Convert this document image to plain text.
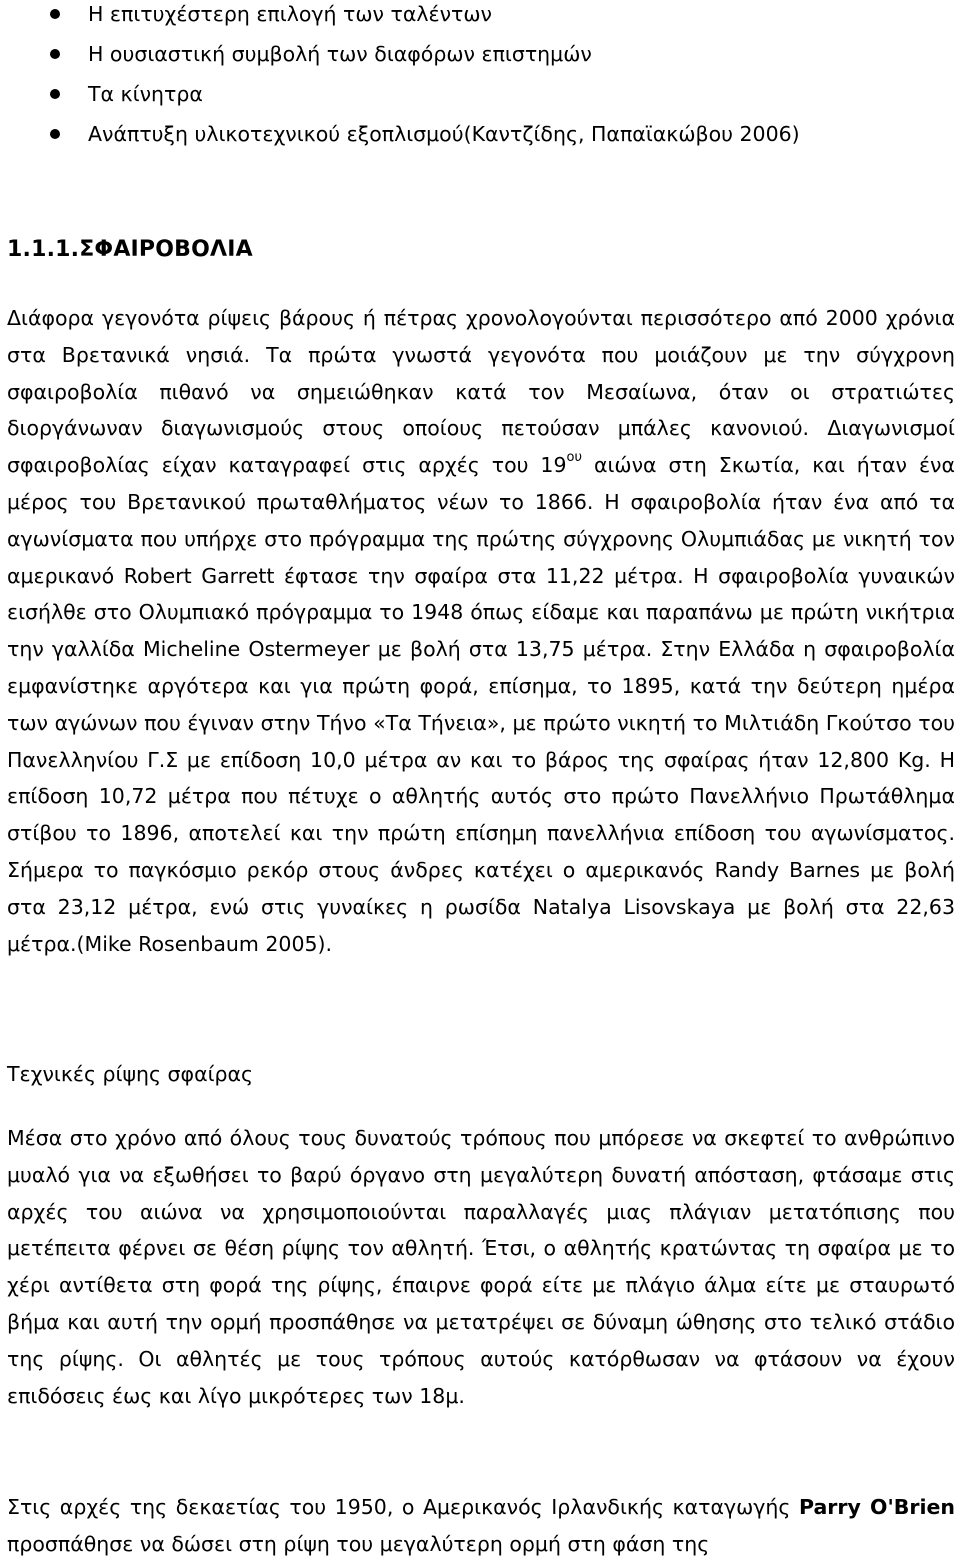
Η επιτυχέστερη επιλογή των ταλέντων
Η ουσιαστική συμβολή των διαφόρων επιστημών
Τα κίνητρα
Ανάπτυξη υλικοτεχνικού εξοπλισμού(Καντζίδης, Παπαϊακώβου 2006)
1.1.1.ΣΦΑΙΡΟΒΟΛΙΑ

Διάφορα γεγονότα ρίψεις βάρους ή πέτρας χρονολογούνται περισσότερο από 2000 χρόνια στα Βρετανικά νησιά. Τα πρώτα γνωστά γεγονότα που μοιάζουν με την σύγχρονη σφαιροβολία πιθανό να σημειώθηκαν κατά τον Μεσαίωνα, όταν οι στρατιώτες διοργάνωναν διαγωνισμούς στους οποίους πετούσαν μπάλες κανονιού. Διαγωνισμοί σφαιροβολίας είχαν καταγραφεί στις αρχές του $19^{o\upsilon}$ αιώνα στη Σκωτία, και ήταν ένα μέρος του Βρετανικού πρωταθλήματος νέων το 1866. Η σφαιροβολία ήταν ένα από τα αγωνίσματα που υπήρχε στο πρόγραμμα της πρώτης σύγχρονης Ολυμπιάδας με νικητή τον αμερικανό Robert Garrett έφτασε την σφαίρα στα 11,22 μέτρα. Η σφαιροβολία γυναικών εισήλθε στο Ολυμπιακό πρόγραμμα το 1948 όπως είδαμε και παραπάνω με πρώτη νικήτρια την γαλλίδα Micheline Ostermeyer με βολή στα 13,75 μέτρα. Στην Ελλάδα η σφαιροβολία εμφανίστηκε αργότερα και για πρώτη φορά, επίσημα, το 1895, κατά την δεύτερη ημέρα των αγώνων που έγιναν στην Τήνο «Τα Τήνεια», με πρώτο νικητή το Μιλτιάδη Γκούτσο του Πανελληνίου Γ.Σ με επίδοση 10,0 μέτρα αν και το βάρος της σφαίρας ήταν 12,800 Kg. Η επίδοση 10,72 μέτρα που πέτυχε ο αθλητής αυτός στο πρώτο Πανελλήνιο Πρωτάθλημα στίβου το 1896, αποτελεί και την πρώτη επίσημη πανελλήνια επίδοση του αγωνίσματος. Σήμερα το παγκόσμιο ρεκόρ στους άνδρες κατέχει ο αμερικανός Randy Barnes με βολή στα 23,12 μέτρα, ενώ στις γυναίκες η ρωσίδα Natalya Lisovskaya με βολή στα 22,63 μέτρα.(Mike Rosenbaum 2005).

Τεχνικές ρίψης σφαίρας

Μέσα στο χρόνο από όλους τους δυνατούς τρόπους που μπόρεσε να σκεφτεί το ανθρώπινο μυαλό για να εξωθήσει το βαρύ όργανο στη μεγαλύτερη δυνατή απόσταση, φτάσαμε στις αρχές του αιώνα να χρησιμοποιούνται παραλλαγές μιας πλάγιαν μετατόπισης που μετέπειτα φέρνει σε θέση ρίψης τον αθλητή. Έτσι, ο αθλητής κρατώντας τη σφαίρα με το χέρι αντίθετα στη φορά της ρίψης, έπαιρνε φορά είτε με πλάγιο άλμα είτε με σταυρωτό βήμα και αυτή την ορμή προσπάθησε να μετατρέψει σε δύναμη ώθησης στο τελικό στάδιο της ρίψης. Οι αθλητές με τους τρόπους αυτούς κατόρθωσαν να φτάσουν να έχουν επιδόσεις έως και λίγο μικρότερες των 18μ.

Στις αρχές της δεκαετίας του 1950, ο Αμερικανός Ιρλανδικής καταγωγής Parry O'Brien προσπάθησε να δώσει στη ρίψη του μεγαλύτερη ορμή στη φάση της
